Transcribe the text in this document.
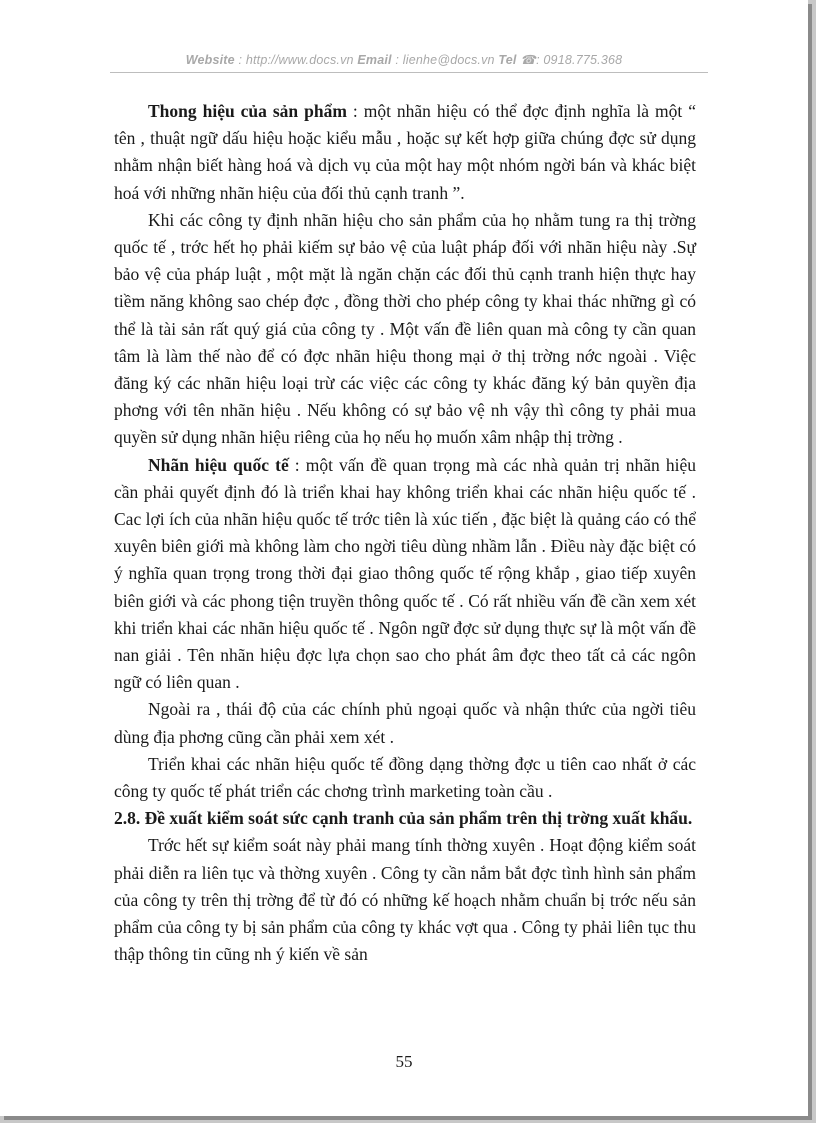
Website : http://www.docs.vn Email : lienhe@docs.vn Tel ☎: 0918.775.368

Thong hiệu của sản phẩm : một nhãn hiệu có thể đợc định nghĩa là một “ tên , thuật ngữ dấu hiệu hoặc kiểu mẫu , hoặc sự kết hợp giữa chúng đợc sử dụng nhằm nhận biết hàng hoá và dịch vụ của một hay một nhóm ngời bán và khác biệt hoá với những nhãn hiệu của đối thủ cạnh tranh ”.

Khi các công ty định nhãn hiệu cho sản phẩm của họ nhằm tung ra thị trờng quốc tế , trớc hết họ phải kiếm sự bảo vệ của luật pháp đối với nhãn hiệu này .Sự bảo vệ của pháp luật , một mặt là ngăn chặn các đối thủ cạnh tranh hiện thực hay tiềm năng không sao chép đợc , đồng thời cho phép công ty khai thác những gì có thể là tài sản rất quý giá của công ty . Một vấn đề liên quan mà công ty cần quan tâm là làm thế nào để có đợc nhãn hiệu thong mại ở thị trờng nớc ngoài . Việc đăng ký các nhãn hiệu loại trừ các việc các công ty khác đăng ký bản quyền địa phơng với tên nhãn hiệu . Nếu không có sự bảo vệ nh vậy thì công ty phải mua quyền sử dụng nhãn hiệu riêng của họ nếu họ muốn xâm nhập thị trờng .

Nhãn hiệu quốc tế : một vấn đề quan trọng mà các nhà quản trị nhãn hiệu cần phải quyết định đó là triển khai hay không triển khai các nhãn hiệu quốc tế . Cac lợi ích của nhãn hiệu quốc tế trớc tiên là xúc tiến , đặc biệt là quảng cáo có thể xuyên biên giới mà không làm cho ngời tiêu dùng nhầm lẫn . Điều này đặc biệt có ý nghĩa quan trọng trong thời đại giao thông quốc tế rộng khắp , giao tiếp xuyên biên giới và các phong tiện truyền thông quốc tế . Có rất nhiều vấn đề cần xem xét khi triển khai các nhãn hiệu quốc tế . Ngôn ngữ đợc sử dụng thực sự là một vấn đề nan giải . Tên nhãn hiệu đợc lựa chọn sao cho phát âm đợc theo tất cả các ngôn ngữ có liên quan .

Ngoài ra , thái độ của các chính phủ ngoại quốc và nhận thức của ngời tiêu dùng địa phơng cũng cần phải xem xét .

Triển khai các nhãn hiệu quốc tế đồng dạng thờng đợc u tiên cao nhất ở các công ty quốc tế phát triển các chơng trình marketing toàn cầu .

2.8. Đề xuất kiểm soát sức cạnh tranh của sản phẩm trên thị trờng xuất khẩu.

Trớc hết sự kiểm soát này phải mang tính thờng xuyên . Hoạt động kiểm soát phải diễn ra liên tục và thờng xuyên . Công ty cần nắm bắt đợc tình hình sản phẩm của công ty trên thị trờng để từ đó có những kế hoạch nhằm chuẩn bị trớc nếu sản phẩm của công ty bị sản phẩm của công ty khác vợt qua . Công ty phải liên tục thu thập thông tin cũng nh ý kiến về sản

55
